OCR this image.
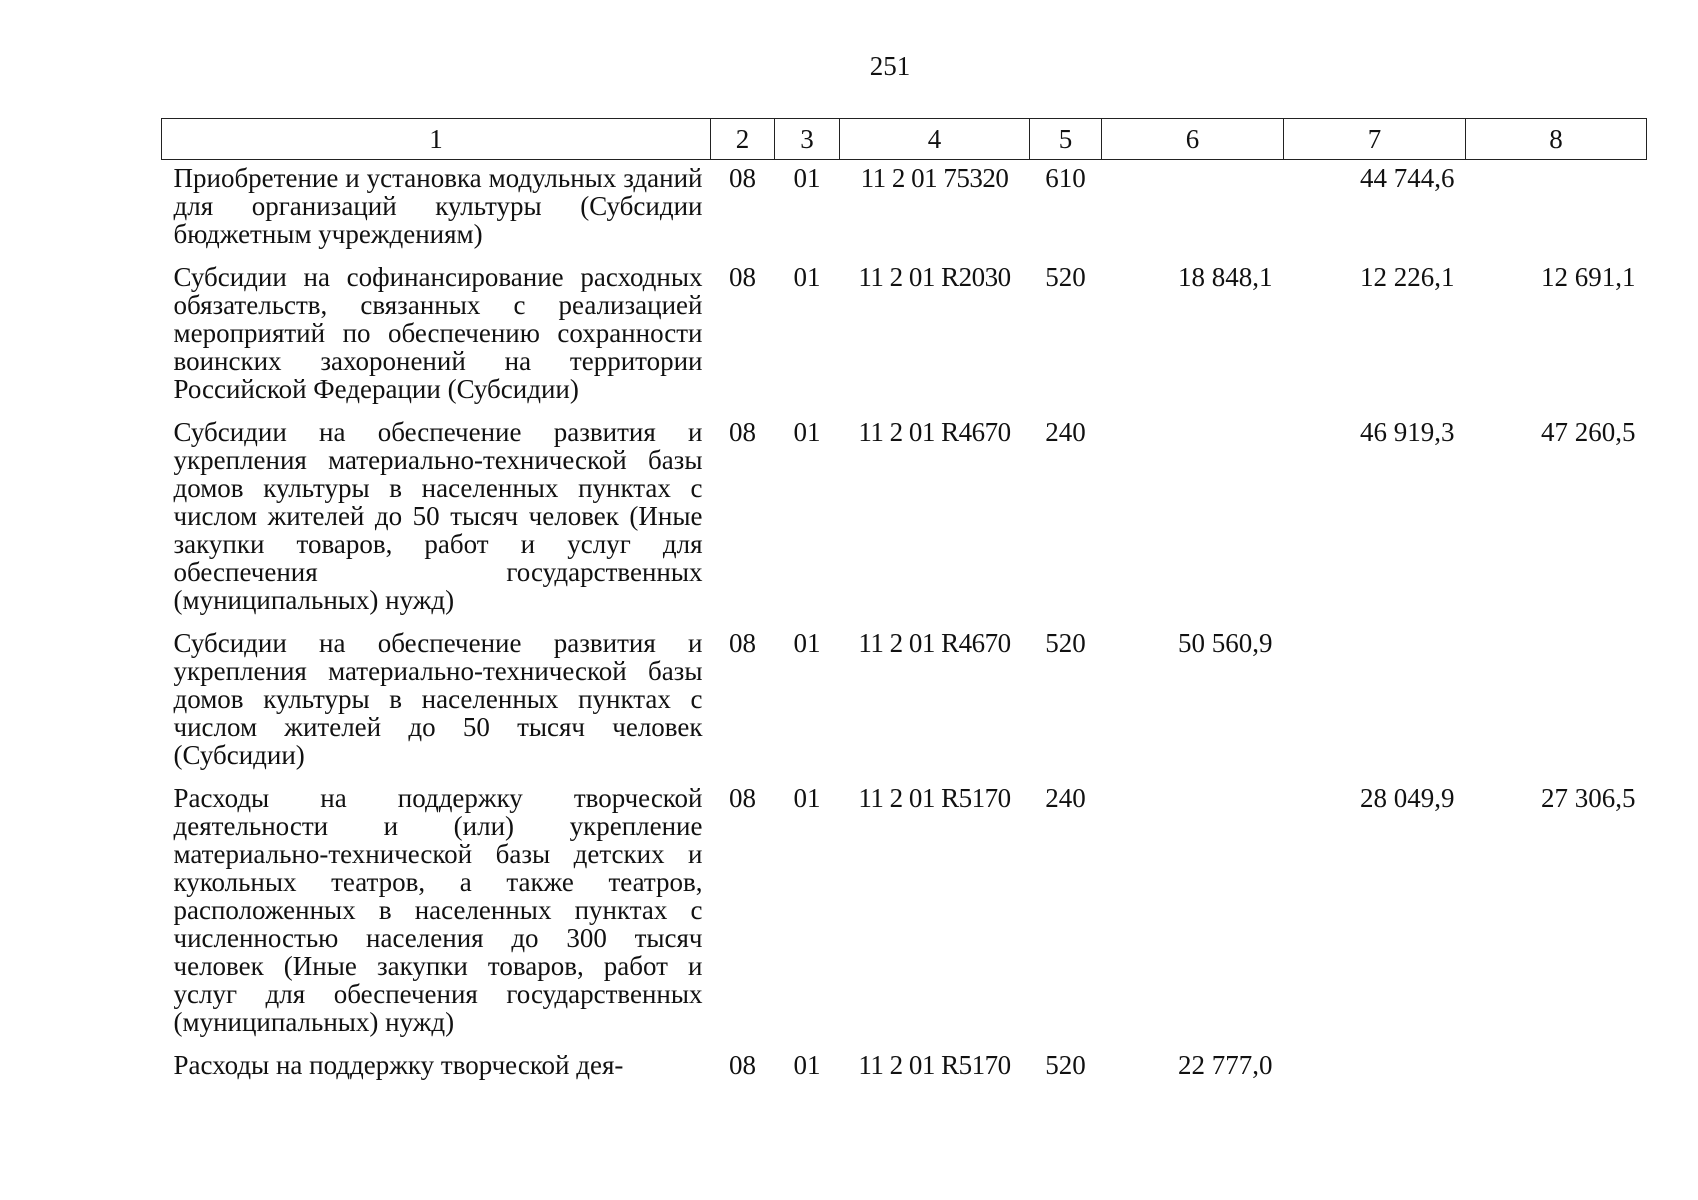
251
1	2	3	4	5	6	7	8
Приобретение и установка модульных зданий для организаций культуры (Субсидии бюджетным учреждениям)	08	01	11 2 01 75320	610		44 744,6	
Субсидии на софинансирование расходных обязательств, связанных с реализацией мероприятий по обеспечению сохранности воинских захоронений на территории Российской Федерации (Субсидии)	08	01	11 2 01 R2030	520	18 848,1	12 226,1	12 691,1
Субсидии на обеспечение развития и укрепления материально-технической базы домов культуры в населенных пунктах с числом жителей до 50 тысяч человек (Иные закупки товаров, работ и услуг для обеспечения государственных (муниципальных) нужд)	08	01	11 2 01 R4670	240		46 919,3	47 260,5
Субсидии на обеспечение развития и укрепления материально-технической базы домов культуры в населенных пунктах с числом жителей до 50 тысяч человек (Субсидии)	08	01	11 2 01 R4670	520	50 560,9		
Расходы на поддержку творческой деятельности и (или) укрепление материально-технической базы детских и кукольных театров, а также театров, расположенных в населенных пунктах с численностью населения до 300 тысяч человек (Иные закупки товаров, работ и услуг для обеспечения государственных (муниципальных) нужд)	08	01	11 2 01 R5170	240		28 049,9	27 306,5
Расходы на поддержку творческой дея-	08	01	11 2 01 R5170	520	22 777,0		
